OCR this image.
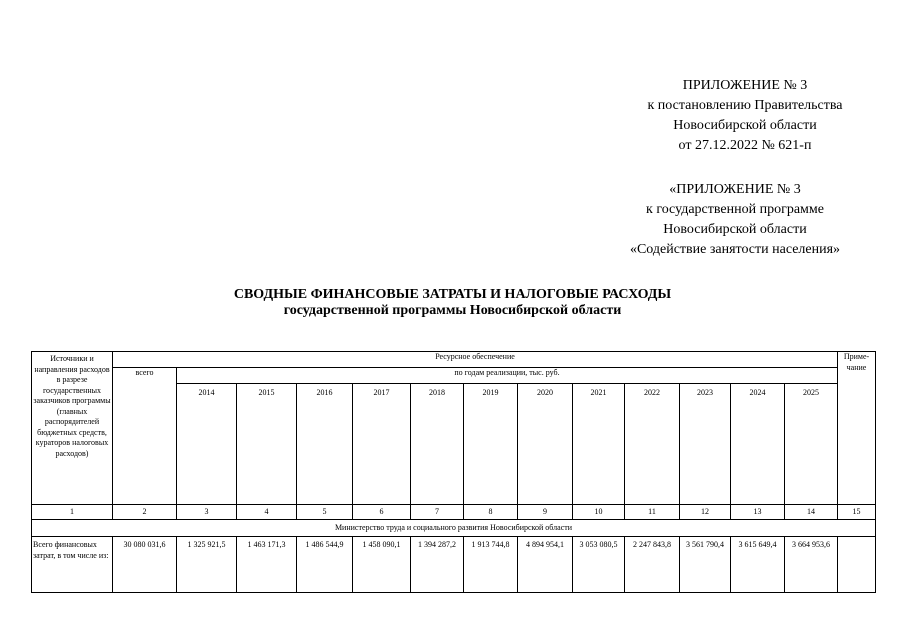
ПРИЛОЖЕНИЕ № 3
к постановлению Правительства
Новосибирской области
от 27.12.2022 № 621-п
«ПРИЛОЖЕНИЕ № 3
к государственной программе
Новосибирской области
«Содействие занятости населения»
СВОДНЫЕ ФИНАНСОВЫЕ ЗАТРАТЫ И НАЛОГОВЫЕ РАСХОДЫ
государственной программы Новосибирской области
Источники и направления расходов в разрезе государственных заказчиков программы (главных распорядителей бюджетных средств, кураторов налоговых расходов)	Ресурсное обеспечение													Приме-чание
	всего	по годам реализации, тыс. руб.												
		2014	2015	2016	2017	2018	2019	2020	2021	2022	2023	2024	2025	
1	2	3	4	5	6	7	8	9	10	11	12	13	14	15
Министерство труда и социального развития Новосибирской области														
Всего финансовых затрат, в том числе из:	30 080 031,6	1 325 921,5	1 463 171,3	1 486 544,9	1 458 090,1	1 394 287,2	1 913 744,8	4 894 954,1	3 053 080,5	2 247 843,8	3 561 790,4	3 615 649,4	3 664 953,6	
